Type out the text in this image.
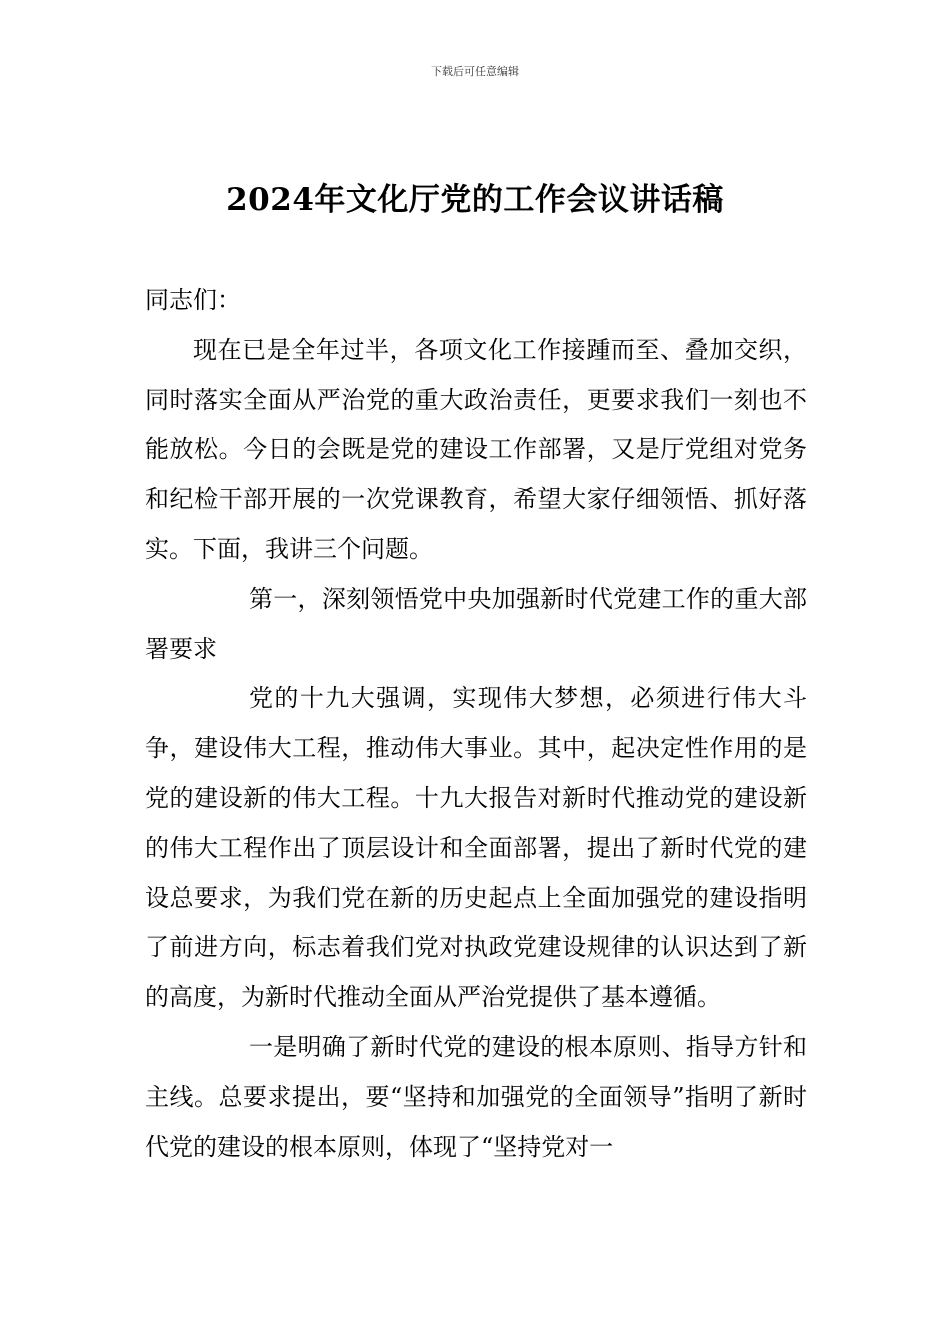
下载后可任意编辑
2024年文化厅党的工作会议讲话稿

同志们：

现在已是全年过半，各项文化工作接踵而至、叠加交织，同时落实全面从严治党的重大政治责任，更要求我们一刻也不能放松。今日的会既是党的建设工作部署，又是厅党组对党务和纪检干部开展的一次党课教育，希望大家仔细领悟、抓好落实。下面，我讲三个问题。

第一，深刻领悟党中央加强新时代党建工作的重大部署要求

党的十九大强调，实现伟大梦想，必须进行伟大斗争，建设伟大工程，推动伟大事业。其中，起决定性作用的是党的建设新的伟大工程。十九大报告对新时代推动党的建设新的伟大工程作出了顶层设计和全面部署，提出了新时代党的建设总要求，为我们党在新的历史起点上全面加强党的建设指明了前进方向，标志着我们党对执政党建设规律的认识达到了新的高度，为新时代推动全面从严治党提供了基本遵循。

一是明确了新时代党的建设的根本原则、指导方针和主线。总要求提出，要“坚持和加强党的全面领导”指明了新时代党的建设的根本原则，体现了“坚持党对一
